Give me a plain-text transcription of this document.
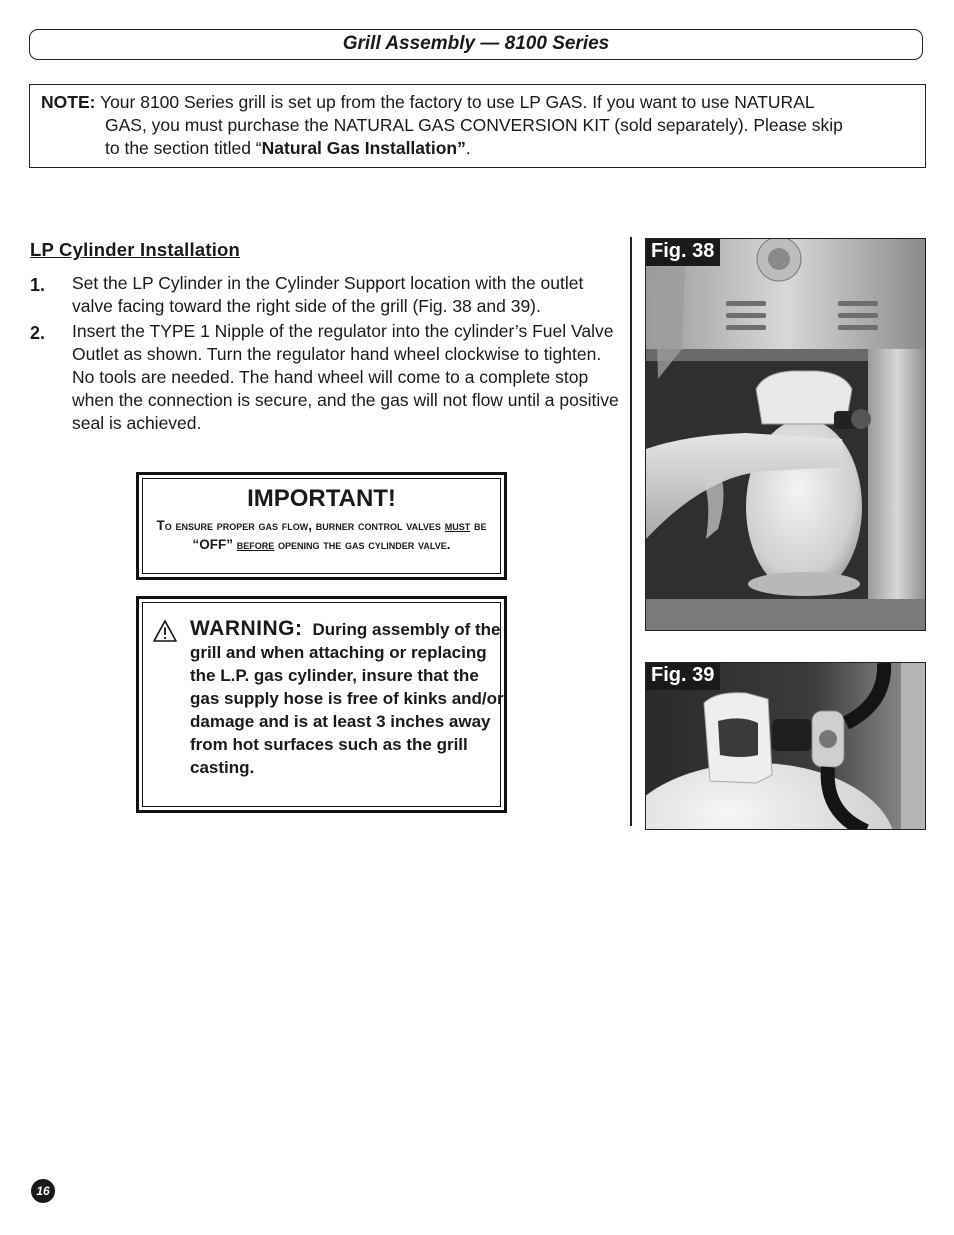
Grill Assembly — 8100 Series
NOTE: Your 8100 Series grill is set up from the factory to use LP GAS. If you want to use NATURAL
GAS, you must purchase the NATURAL GAS CONVERSION KIT (sold separately). Please skip
to the section titled “Natural Gas Installation”.
LP Cylinder Installation
1. Set the LP Cylinder in the Cylinder Support location with the outlet valve facing toward the right side of the grill (Fig. 38 and 39).
2. Insert the TYPE 1 Nipple of the regulator into the cylinder’s Fuel Valve Outlet as shown. Turn the regulator hand wheel clockwise to tighten. No tools are needed. The hand wheel will come to a complete stop when the connection is secure, and the gas will not flow until a positive seal is achieved.
IMPORTANT!
To ensure proper gas flow, burner control valves must be “OFF” before opening the gas cylinder valve.
WARNING: During assembly of the grill and when attaching or replacing the L.P. gas cylinder, insure that the gas supply hose is free of kinks and/or damage and is at least 3 inches away from hot surfaces such as the grill casting.
Fig. 38
Fig. 39
16
